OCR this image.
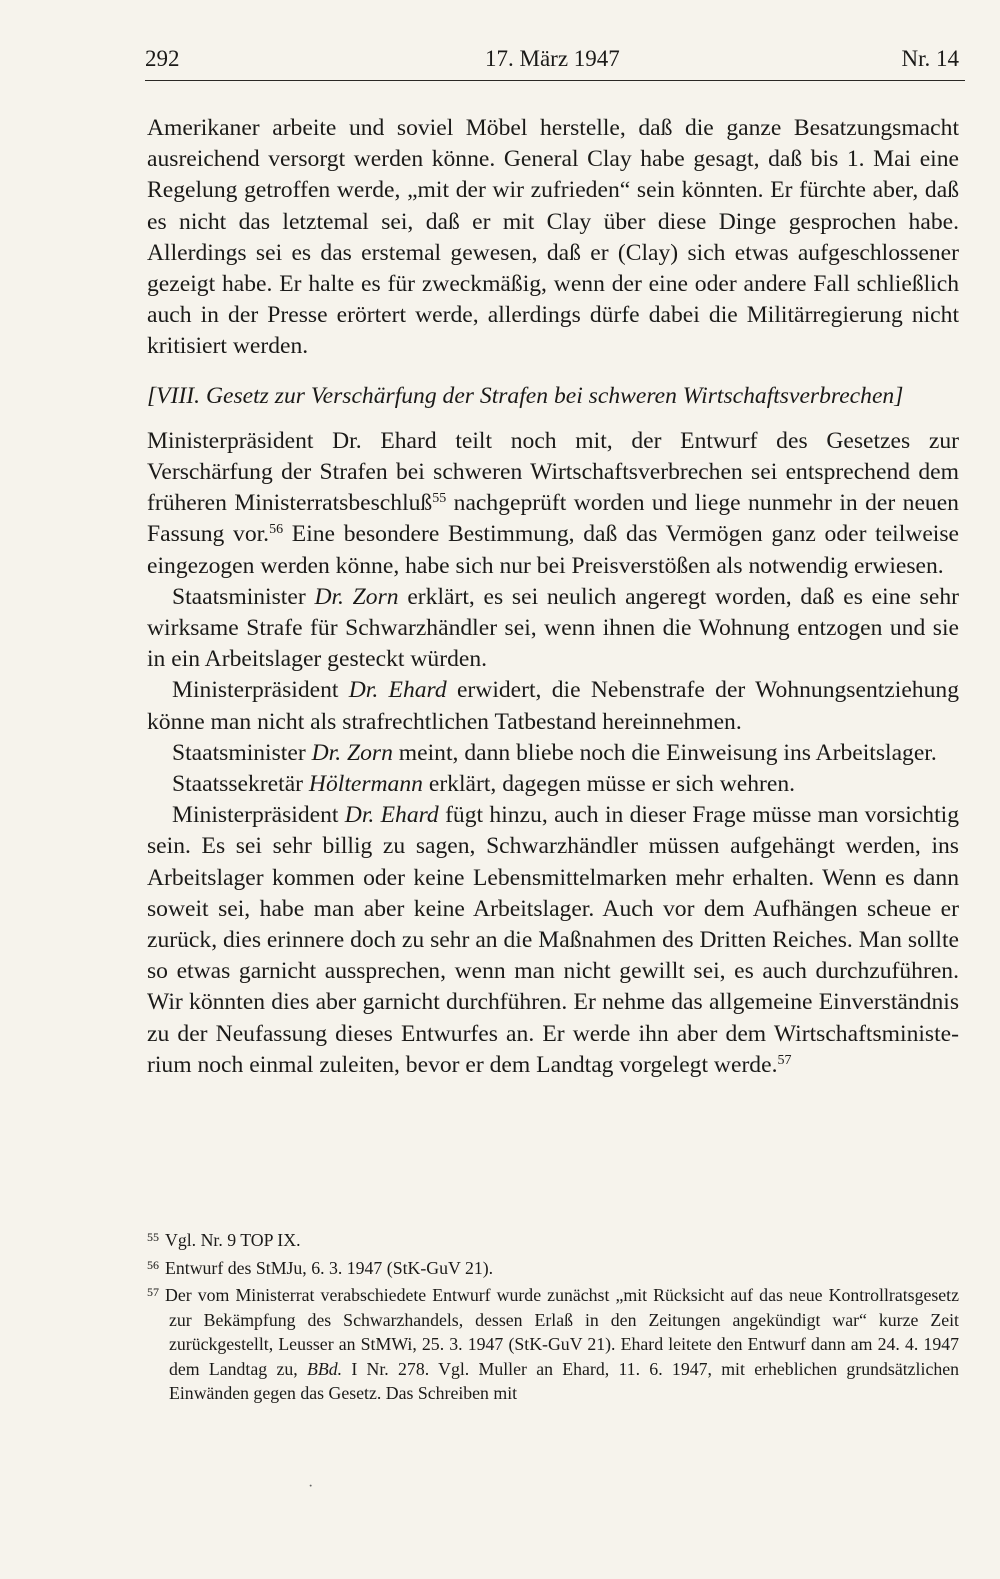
292	17. März 1947	Nr. 14

Amerikaner arbeite und soviel Möbel herstelle, daß die ganze Besatzungsmacht ausreichend versorgt werden könne. General Clay habe gesagt, daß bis 1. Mai eine Regelung getroffen werde, „mit der wir zufrieden“ sein könnten. Er fürchte aber, daß es nicht das letztemal sei, daß er mit Clay über diese Dinge gesprochen habe. Allerdings sei es das erstemal gewesen, daß er (Clay) sich etwas aufgeschlossener gezeigt habe. Er halte es für zweckmäßig, wenn der eine oder andere Fall schließlich auch in der Presse erörtert werde, allerdings dürfe dabei die Militärregierung nicht kritisiert werden.

[VIII. Gesetz zur Verschärfung der Strafen bei schweren Wirtschaftsverbrechen]

Ministerpräsident Dr. Ehard teilt noch mit, der Entwurf des Gesetzes zur Verschärfung der Strafen bei schweren Wirtschaftsverbrechen sei entsprechend dem früheren Ministerratsbeschluß$^{55}$ nachgeprüft worden und liege nunmehr in der neuen Fassung vor.$^{56}$ Eine besondere Bestimmung, daß das Vermögen ganz oder teilweise eingezogen werden könne, habe sich nur bei Preisverstößen als notwendig erwiesen.

Staatsminister Dr. Zorn erklärt, es sei neulich angeregt worden, daß es eine sehr wirksame Strafe für Schwarzhändler sei, wenn ihnen die Wohnung entzogen und sie in ein Arbeitslager gesteckt würden.

Ministerpräsident Dr. Ehard erwidert, die Nebenstrafe der Wohnungsentziehung könne man nicht als strafrechtlichen Tatbestand hereinnehmen.

Staatsminister Dr. Zorn meint, dann bliebe noch die Einweisung ins Arbeitslager.

Staatssekretär Höltermann erklärt, dagegen müsse er sich wehren.

Ministerpräsident Dr. Ehard fügt hinzu, auch in dieser Frage müsse man vorsichtig sein. Es sei sehr billig zu sagen, Schwarzhändler müssen aufgehängt werden, ins Arbeitslager kommen oder keine Lebensmittelmarken mehr erhalten. Wenn es dann soweit sei, habe man aber keine Arbeitslager. Auch vor dem Aufhängen scheue er zurück, dies erinnere doch zu sehr an die Maßnahmen des Dritten Reiches. Man sollte so etwas garnicht aussprechen, wenn man nicht gewillt sei, es auch durchzuführen. Wir könnten dies aber garnicht durchführen. Er nehme das allgemeine Einverständnis zu der Neufassung dieses Entwurfes an. Er werde ihn aber dem Wirtschaftsministerium noch einmal zuleiten, bevor er dem Landtag vorgelegt werde.$^{57}$

$^{55}$ Vgl. Nr. 9 TOP IX.

$^{56}$ Entwurf des StMJu, 6. 3. 1947 (StK-GuV 21).

$^{57}$ Der vom Ministerrat verabschiedete Entwurf wurde zunächst „mit Rücksicht auf das neue Kontrollratsgesetz zur Bekämpfung des Schwarzhandels, dessen Erlaß in den Zeitungen angekündigt war“ kurze Zeit zurückgestellt, Leusser an StMWi, 25. 3. 1947 (StK-GuV 21). Ehard leitete den Entwurf dann am 24. 4. 1947 dem Landtag zu, BBd. I Nr. 278. Vgl. Muller an Ehard, 11. 6. 1947, mit erheblichen grundsätzlichen Einwänden gegen das Gesetz. Das Schreiben mit

·
